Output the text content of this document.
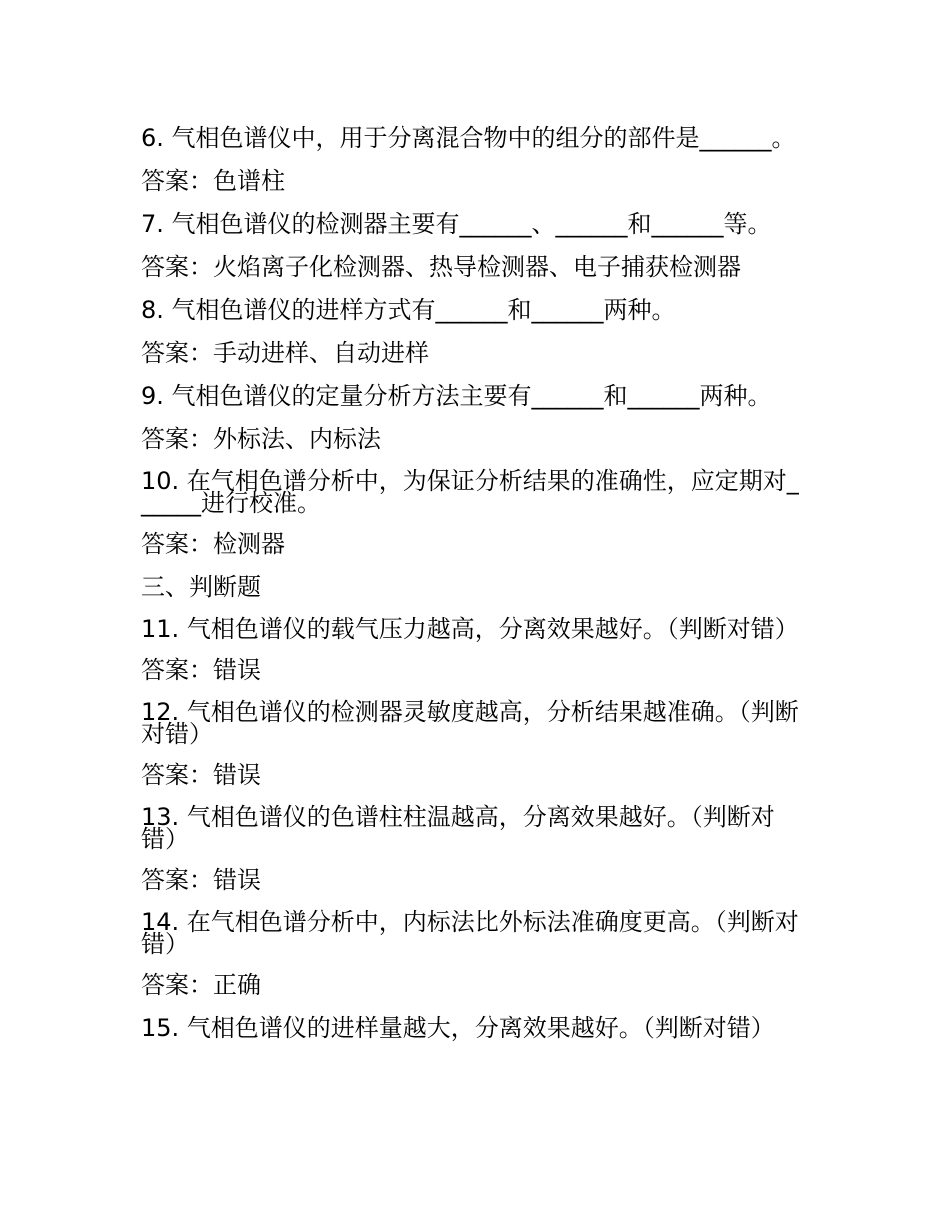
6. 气相色谱仪中，用于分离混合物中的组分的部件是______。
答案：色谱柱
7. 气相色谱仪的检测器主要有______、______和______等。
答案：火焰离子化检测器、热导检测器、电子捕获检测器
8. 气相色谱仪的进样方式有______和______两种。
答案：手动进样、自动进样
9. 气相色谱仪的定量分析方法主要有______和______两种。
答案：外标法、内标法
10. 在气相色谱分析中，为保证分析结果的准确性，应定期对______进行校准。
答案：检测器
三、判断题
11. 气相色谱仪的载气压力越高，分离效果越好。（判断对错）
答案：错误
12. 气相色谱仪的检测器灵敏度越高，分析结果越准确。（判断对错）
答案：错误
13. 气相色谱仪的色谱柱柱温越高，分离效果越好。（判断对错）
答案：错误
14. 在气相色谱分析中，内标法比外标法准确度更高。（判断对错）
答案：正确
15. 气相色谱仪的进样量越大，分离效果越好。（判断对错）
